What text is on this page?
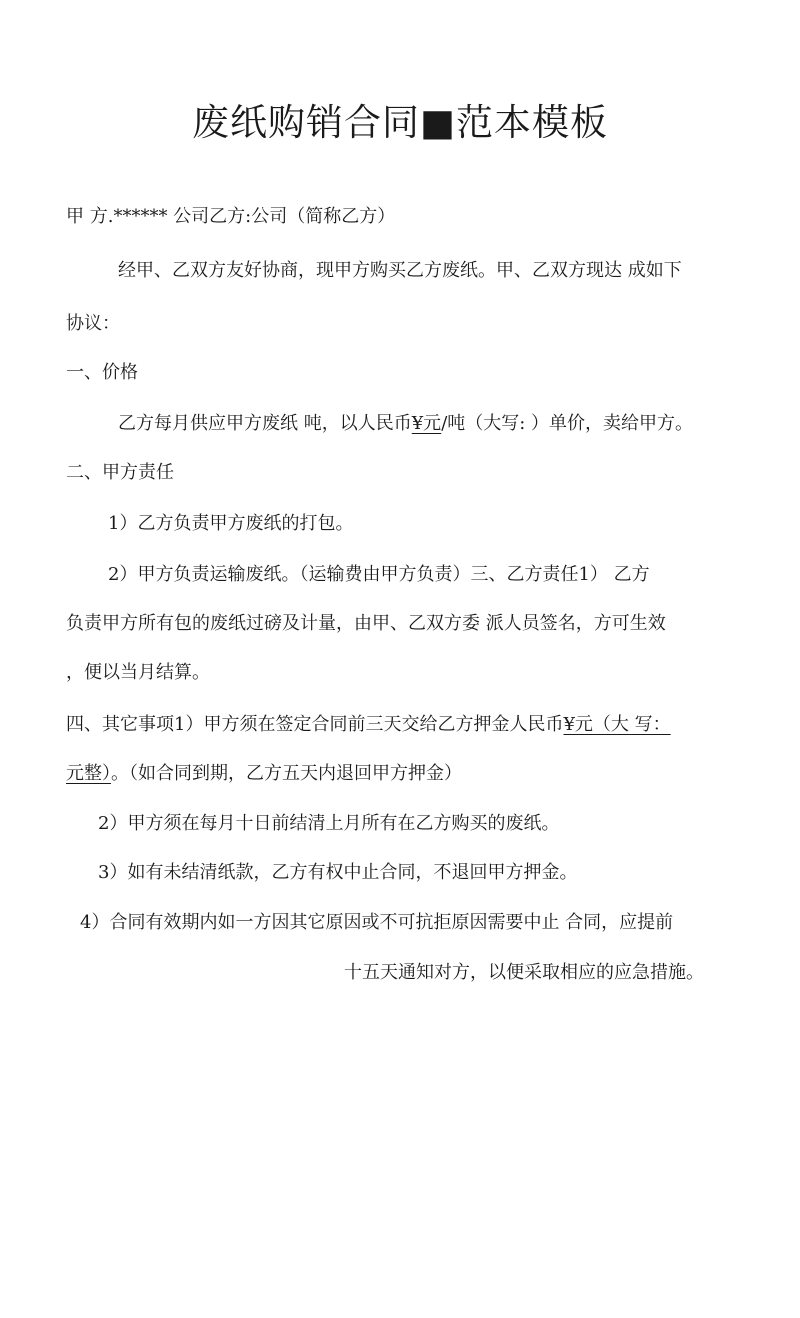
废纸购销合同■范本模板
甲 方.****** 公司乙方:公司（简称乙方）
经甲、乙双方友好协商，现甲方购买乙方废纸。甲、乙双方现达 成如下
协议：
一、价格
乙方每月供应甲方废纸 吨，以人民币¥元/吨（大写: ）单价，卖给甲方。
二、甲方责任
1）乙方负责甲方废纸的打包。
2）甲方负责运输废纸。（运输费由甲方负责）三、乙方责任1） 乙方
负责甲方所有包的废纸过磅及计量，由甲、乙双方委 派人员签名，方可生效
，便以当月结算。
四、其它事项1）甲方须在签定合同前三天交给乙方押金人民币¥元（大 写：
元整）。（如合同到期，乙方五天内退回甲方押金）
2）甲方须在每月十日前结清上月所有在乙方购买的废纸。
3）如有未结清纸款，乙方有权中止合同，不退回甲方押金。
4）合同有效期内如一方因其它原因或不可抗拒原因需要中止 合同，应提前
十五天通知对方，以便采取相应的应急措施。
